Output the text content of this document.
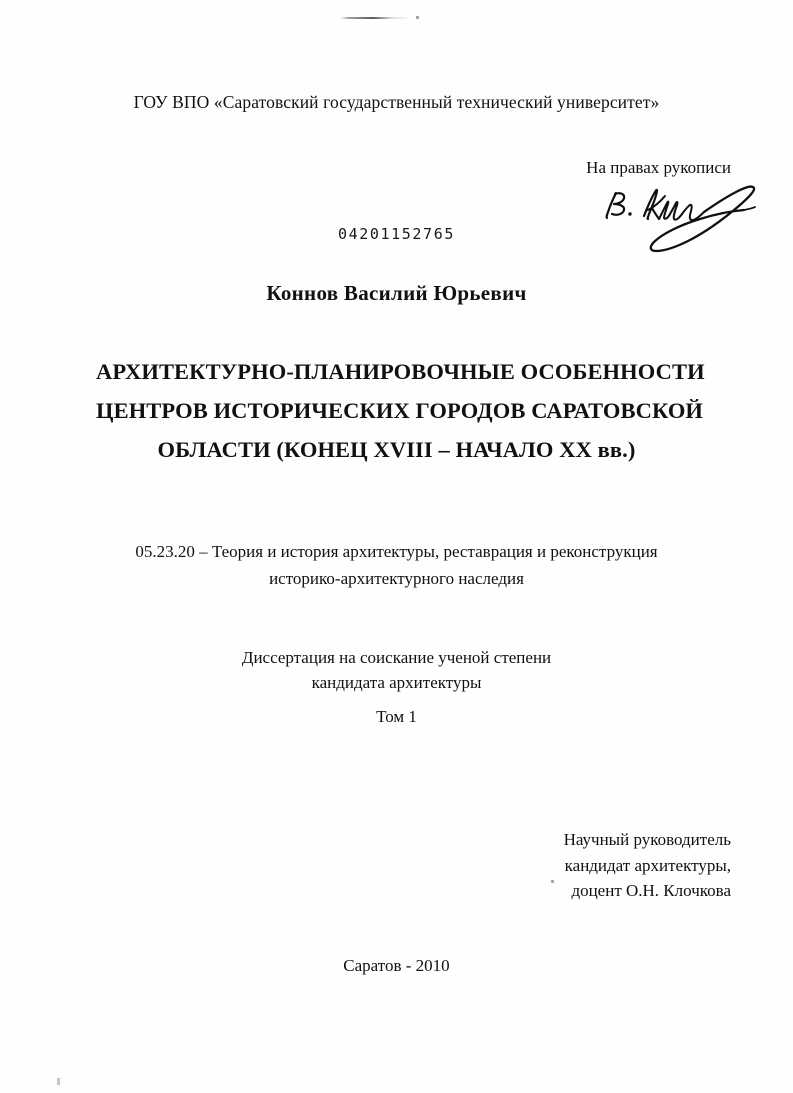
ГОУ ВПО «Саратовский государственный технический университет»
На правах рукописи
04201152765
Коннов Василий Юрьевич
АРХИТЕКТУРНО-ПЛАНИРОВОЧНЫЕ ОСОБЕННОСТИ
ЦЕНТРОВ ИСТОРИЧЕСКИХ ГОРОДОВ САРАТОВСКОЙ
ОБЛАСТИ (КОНЕЦ XVIII – НАЧАЛО XX вв.)
05.23.20 – Теория и история архитектуры, реставрация и реконструкция
историко-архитектурного наследия
Диссертация на соискание ученой степени
кандидата архитектуры
Том 1
Научный руководитель
кандидат архитектуры,
доцент О.Н. Клочкова
Саратов - 2010
